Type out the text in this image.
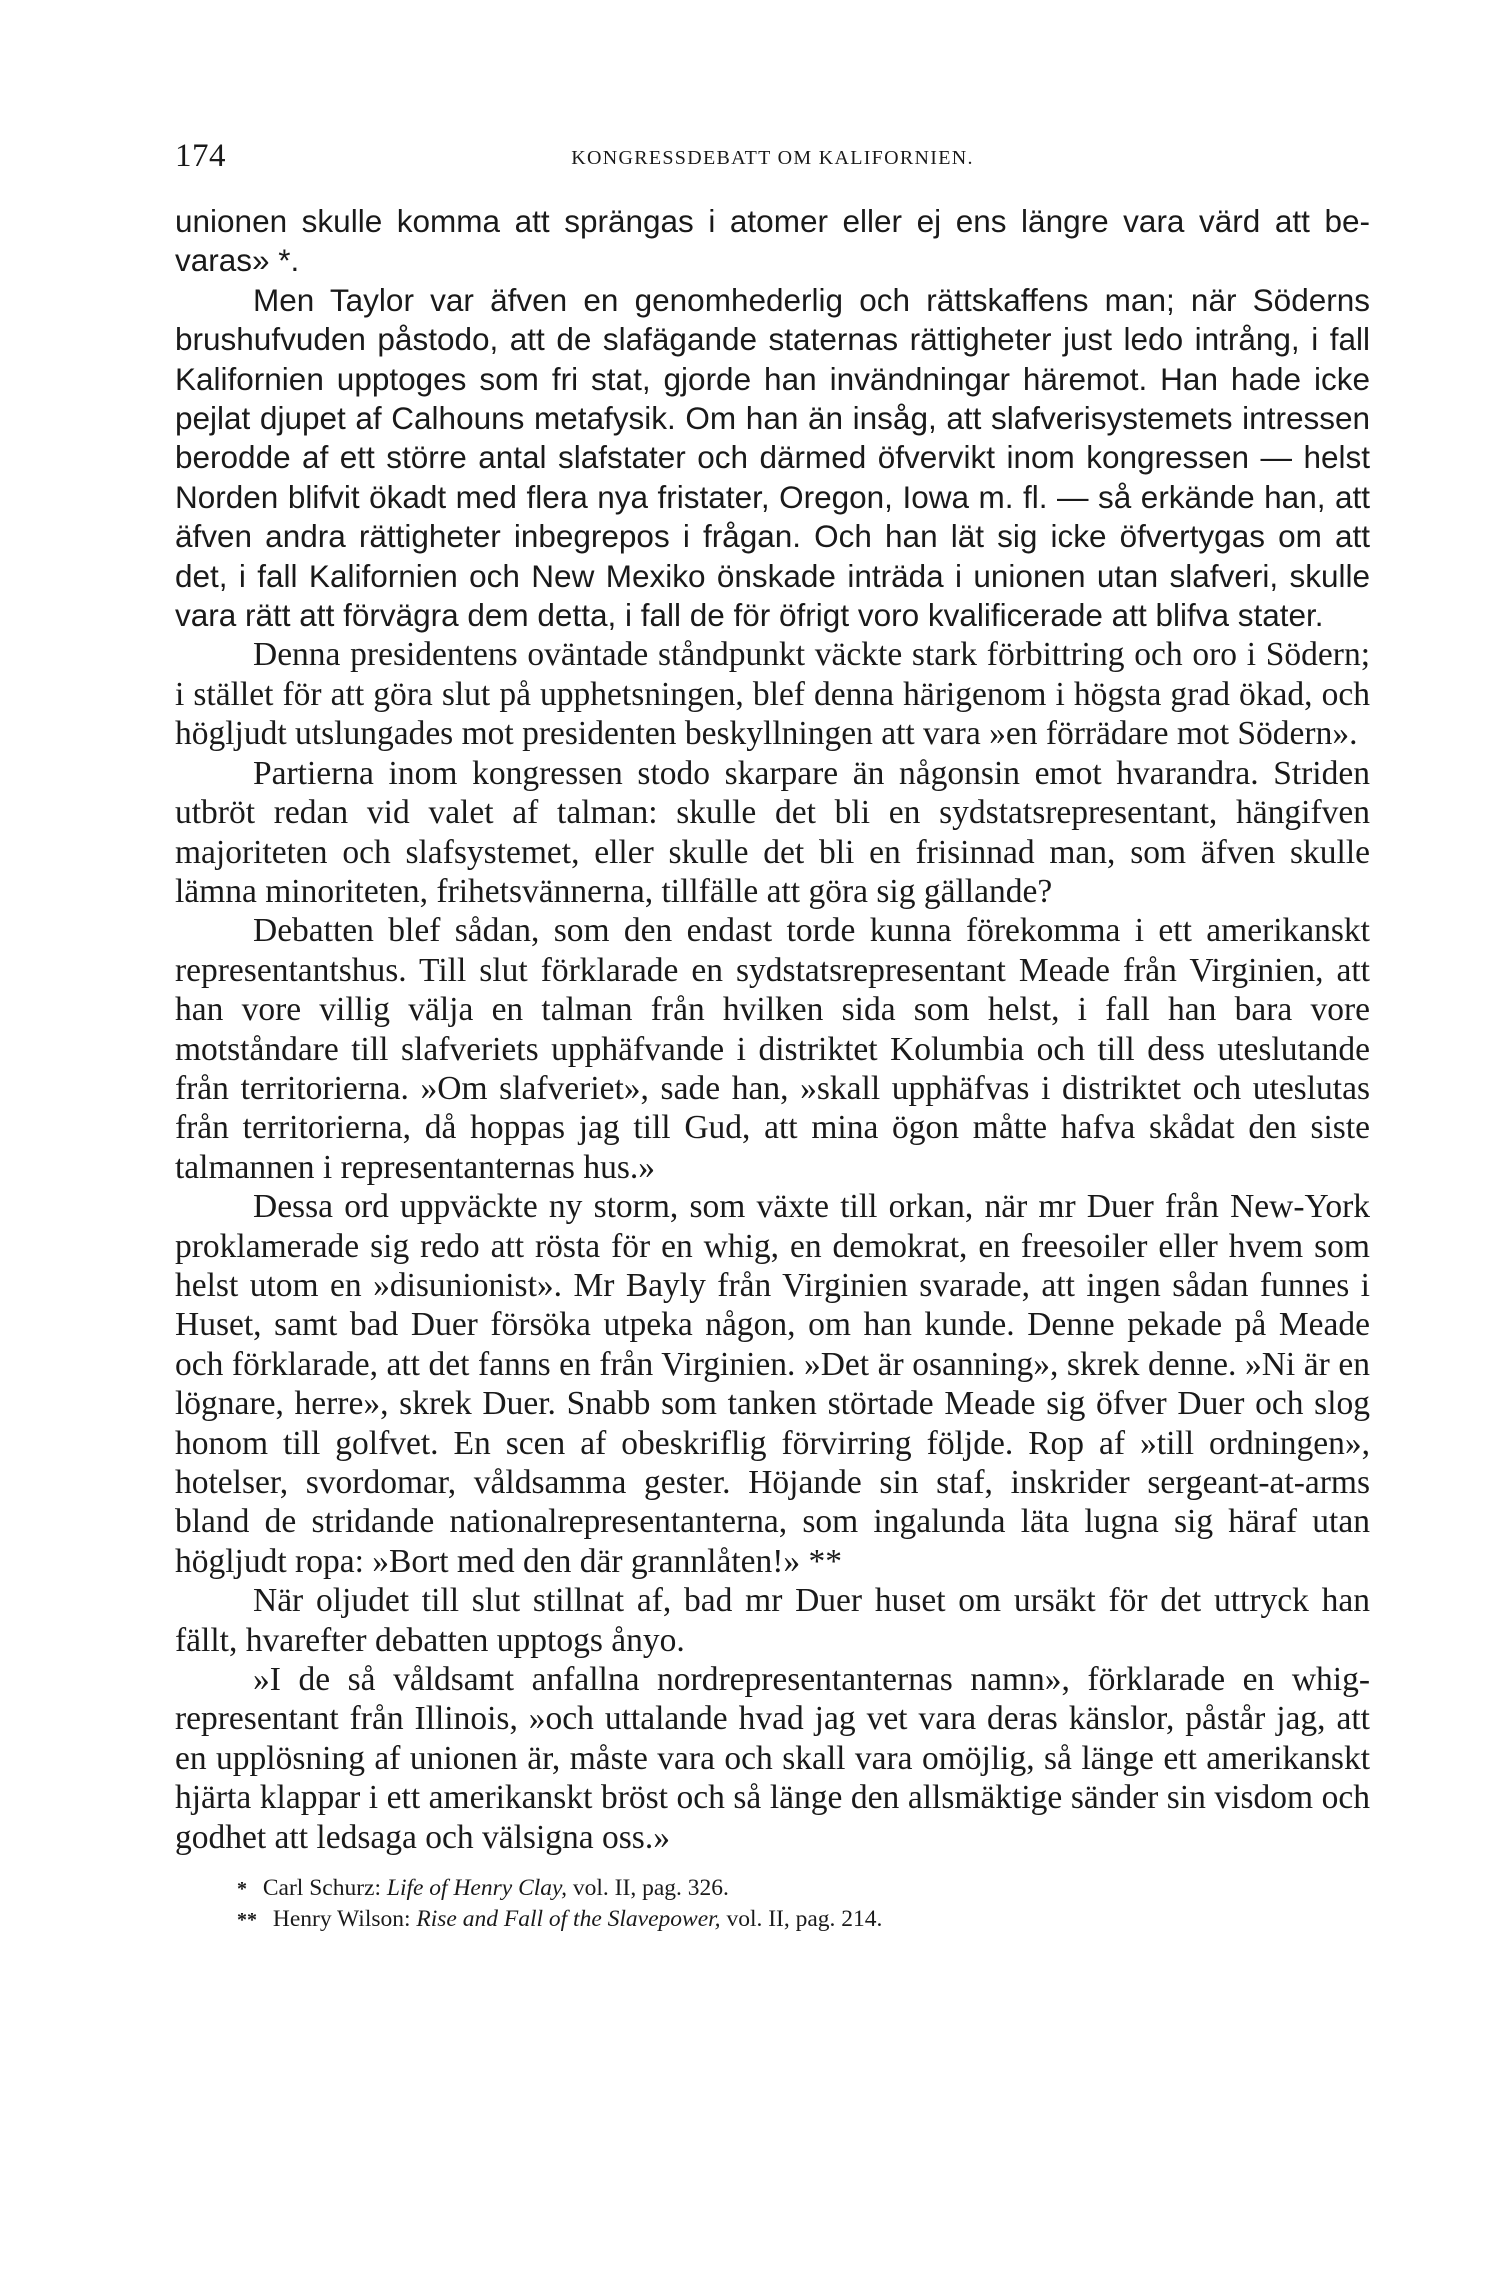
174	KONGRESSDEBATT OM KALIFORNIEN.

unionen skulle komma att sprängas i atomer eller ej ens längre vara värd att bevaras» *.

Men Taylor var äfven en genomhederlig och rättskaffens man; när Söderns brushufvuden påstodo, att de slafägande staternas rättigheter just ledo intrång, i fall Kalifornien upptoges som fri stat, gjorde han invändningar häremot. Han hade icke pejlat djupet af Calhouns metafysik. Om han än insåg, att slafverisystemets intressen berodde af ett större antal slafstater och därmed öfvervikt inom kongressen — helst Norden blifvit ökadt med flera nya fristater, Oregon, Iowa m. fl. — så erkände han, att äfven andra rättigheter inbegrepos i frågan. Och han lät sig icke öfvertygas om att det, i fall Kalifornien och New Mexiko önskade inträda i unionen utan slafveri, skulle vara rätt att förvägra dem detta, i fall de för öfrigt voro kvalificerade att blifva stater.

Denna presidentens oväntade ståndpunkt väckte stark förbittring och oro i Södern; i stället för att göra slut på upphetsningen, blef denna härigenom i högsta grad ökad, och högljudt utslungades mot presidenten beskyllningen att vara »en förrädare mot Södern».

Partierna inom kongressen stodo skarpare än någonsin emot hvarandra. Striden utbröt redan vid valet af talman: skulle det bli en sydstatsrepresentant, hängifven majoriteten och slafsystemet, eller skulle det bli en frisinnad man, som äfven skulle lämna minoriteten, frihetsvännerna, tillfälle att göra sig gällande?

Debatten blef sådan, som den endast torde kunna förekomma i ett amerikanskt representantshus. Till slut förklarade en sydstatsrepresentant Meade från Virginien, att han vore villig välja en talman från hvilken sida som helst, i fall han bara vore motståndare till slafveriets upphäfvande i distriktet Kolumbia och till dess uteslutande från territorierna. »Om slafveriet», sade han, »skall upphäfvas i distriktet och uteslutas från territorierna, då hoppas jag till Gud, att mina ögon måtte hafva skådat den siste talmannen i representanternas hus.»

Dessa ord uppväckte ny storm, som växte till orkan, när mr Duer från New-York proklamerade sig redo att rösta för en whig, en demokrat, en freesoiler eller hvem som helst utom en »disunionist». Mr Bayly från Virginien svarade, att ingen sådan funnes i Huset, samt bad Duer försöka utpeka någon, om han kunde. Denne pekade på Meade och förklarade, att det fanns en från Virginien. »Det är osanning», skrek denne. »Ni är en lögnare, herre», skrek Duer. Snabb som tanken störtade Meade sig öfver Duer och slog honom till golfvet. En scen af obeskriflig förvirring följde. Rop af »till ordningen», hotelser, svordomar, våldsamma gester. Höjande sin staf, inskrider sergeant-at-arms bland de stridande nationalrepresentanterna, som ingalunda läta lugna sig häraf utan högljudt ropa: »Bort med den där grannlåten!» **

När oljudet till slut stillnat af, bad mr Duer huset om ursäkt för det uttryck han fällt, hvarefter debatten upptogs ånyo.

»I de så våldsamt anfallna nordrepresentanternas namn», förklarade en whigrepresentant från Illinois, »och uttalande hvad jag vet vara deras känslor, påstår jag, att en upplösning af unionen är, måste vara och skall vara omöjlig, så länge ett amerikanskt hjärta klappar i ett amerikanskt bröst och så länge den allsmäktige sänder sin visdom och godhet att ledsaga och välsigna oss.»

* Carl Schurz: Life of Henry Clay, vol. II, pag. 326.

** Henry Wilson: Rise and Fall of the Slavepower, vol. II, pag. 214.
